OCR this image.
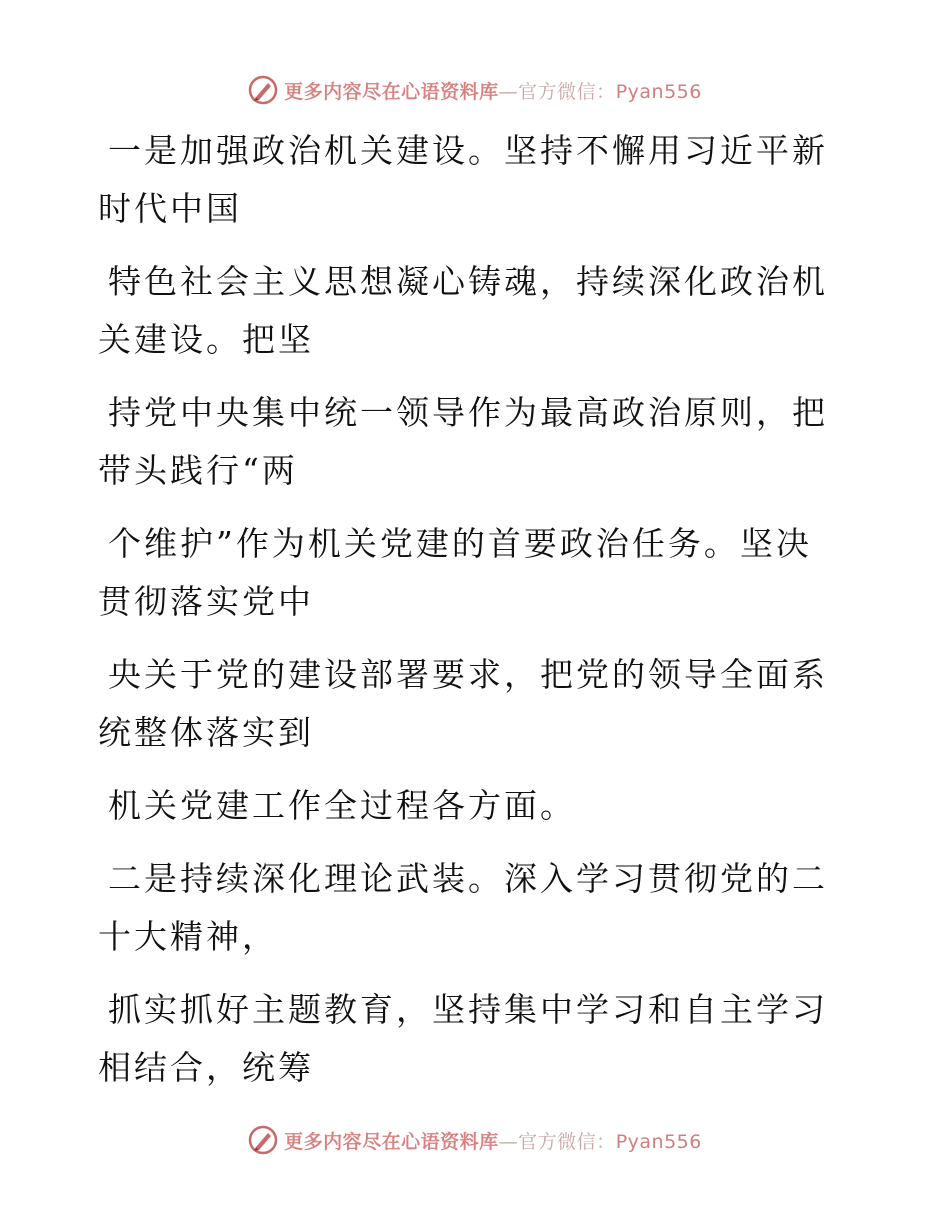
更多内容尽在心语资料库—官方微信：Pyan556

一是加强政治机关建设。坚持不懈用习近平新时代中国

特色社会主义思想凝心铸魂，持续深化政治机关建设。把坚

持党中央集中统一领导作为最高政治原则，把带头践行“两

个维护”作为机关党建的首要政治任务。坚决贯彻落实党中

央关于党的建设部署要求，把党的领导全面系统整体落实到

机关党建工作全过程各方面。

二是持续深化理论武装。深入学习贯彻党的二十大精神，

抓实抓好主题教育，坚持集中学习和自主学习相结合，统筹

更多内容尽在心语资料库—官方微信：Pyan556
